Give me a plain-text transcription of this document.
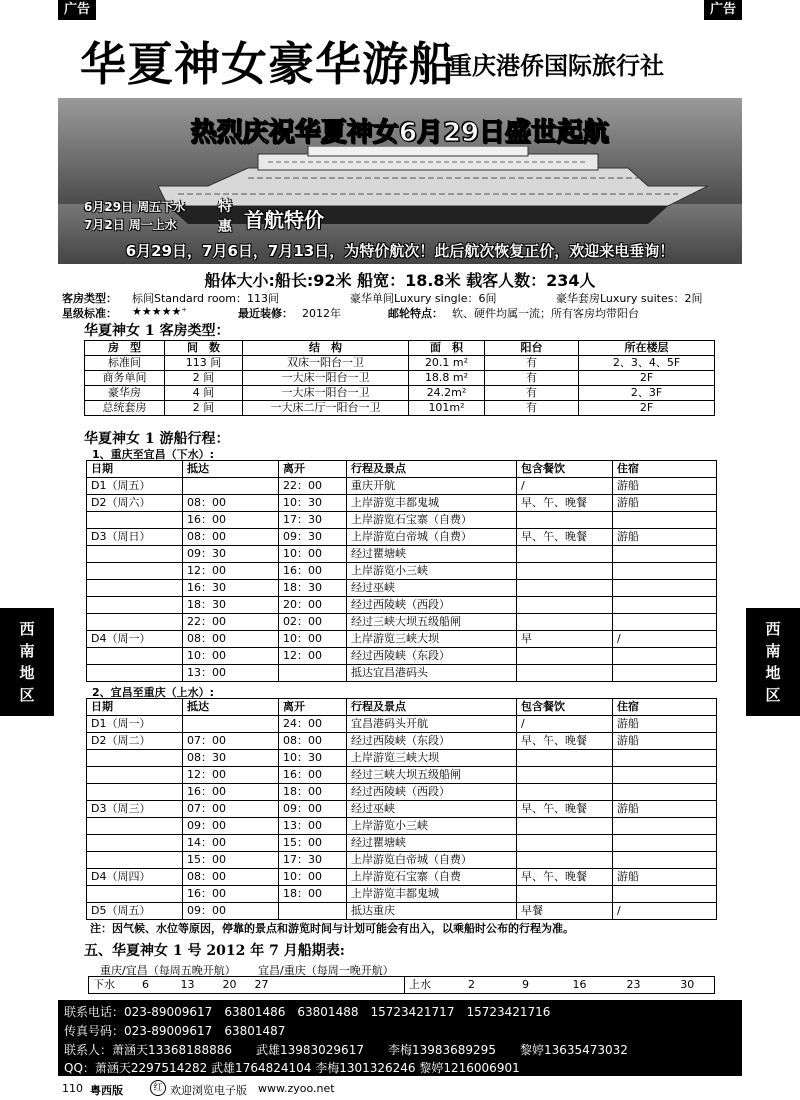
广告	广告
华夏神女豪华游船
重庆港侨国际旅行社
热烈庆祝华夏神女6月29日盛世起航
6月29日 周五下水
7月2日 周一上水
特
惠 首航特价
6月29日，7月6日，7月13日，为特价航次！此后航次恢复正价，欢迎来电垂询！
船体大小:船长:92米 船宽：18.8米 载客人数：234人
客房类型： 标间Standard room：113间	豪华单间Luxury single：6间	豪华套房Luxury suites：2间
星级标准： ★★★★★⁺	最近装修： 2012年	邮轮特点： 软、硬件均属一流；所有客房均带阳台
华夏神女 1 客房类型：
房　型	间　数	结　构	面　积	阳台	所在楼层
标准间	113 间	双床一阳台一卫	20.1 m²	有	2、3、4、5F
商务单间	2 间	一大床一阳台一卫	18.8 m²	有	2F
豪华房	4 间	一大床一阳台一卫	24.2m²	有	2、3F
总统套房	2 间	一大床二厅一阳台一卫	101m²	有	2F
华夏神女 1 游船行程：
1、重庆至宜昌（下水）:
日期	抵达	离开	行程及景点	包含餐饮	住宿
D1（周五）		22：00	重庆开航	/	游船
D2（周六）	08：00	10：30	上岸游览丰都鬼城	早、午、晚餐	游船
	16：00	17：30	上岸游览石宝寨（自费）		
D3（周日）	08：00	09：30	上岸游览白帝城（自费）	早、午、晚餐	游船
	09：30	10：00	经过瞿塘峡		
	12：00	16：00	上岸游览小三峡		
	16：30	18：30	经过巫峡		
	18：30	20：00	经过西陵峡（西段）		
	22：00	02：00	经过三峡大坝五级船闸		
D4（周一）	08：00	10：00	上岸游览三峡大坝	早	/
	10：00	12：00	经过西陵峡（东段）		
	13：00		抵达宜昌港码头		
2、宜昌至重庆（上水）:
日期	抵达	离开	行程及景点	包含餐饮	住宿
D1（周一）		24：00	宜昌港码头开航	/	游船
D2（周二）	07：00	08：00	经过西陵峡（东段）	早、午、晚餐	游船
	08：30	10：30	上岸游览三峡大坝		
	12：00	16：00	经过三峡大坝五级船闸		
	16：00	18：00	经过西陵峡（西段）		
D3（周三）	07：00	09：00	经过巫峡	早、午、晚餐	游船
	09：00	13：00	上岸游览小三峡		
	14：00	15：00	经过瞿塘峡		
	15：00	17：30	上岸游览白帝城（自费）		
D4（周四）	08：00	10：00	上岸游览石宝寨（自费	早、午、晚餐	游船
	16：00	18：00	上岸游览丰都鬼城		
D5（周五）	09：00		抵达重庆	早餐	/
注：因气候、水位等原因，停靠的景点和游览时间与计划可能会有出入，以乘船时公布的行程为准。
五、华夏神女 1 号 2012 年 7 月船期表:
重庆/宜昌（每周五晚开航） 宜昌/重庆（每周一晚开航）
下水	6	13	20	27	上水	2	9	16	23	30
西
南
地
区
西
南
地
区
联系电话：023-89009617　63801486　63801488　15723421717　15723421716
传真号码：023-89009617　63801487
联系人：萧涵天13368188886　　武雄13983029617　　李梅13983689295　　黎婷13635473032
QQ：萧涵天2297514282 武雄1764824104 李梅1301326246 黎婷1216006901
110 粤西版	红 欢迎浏览电子版 www.zyoo.net
